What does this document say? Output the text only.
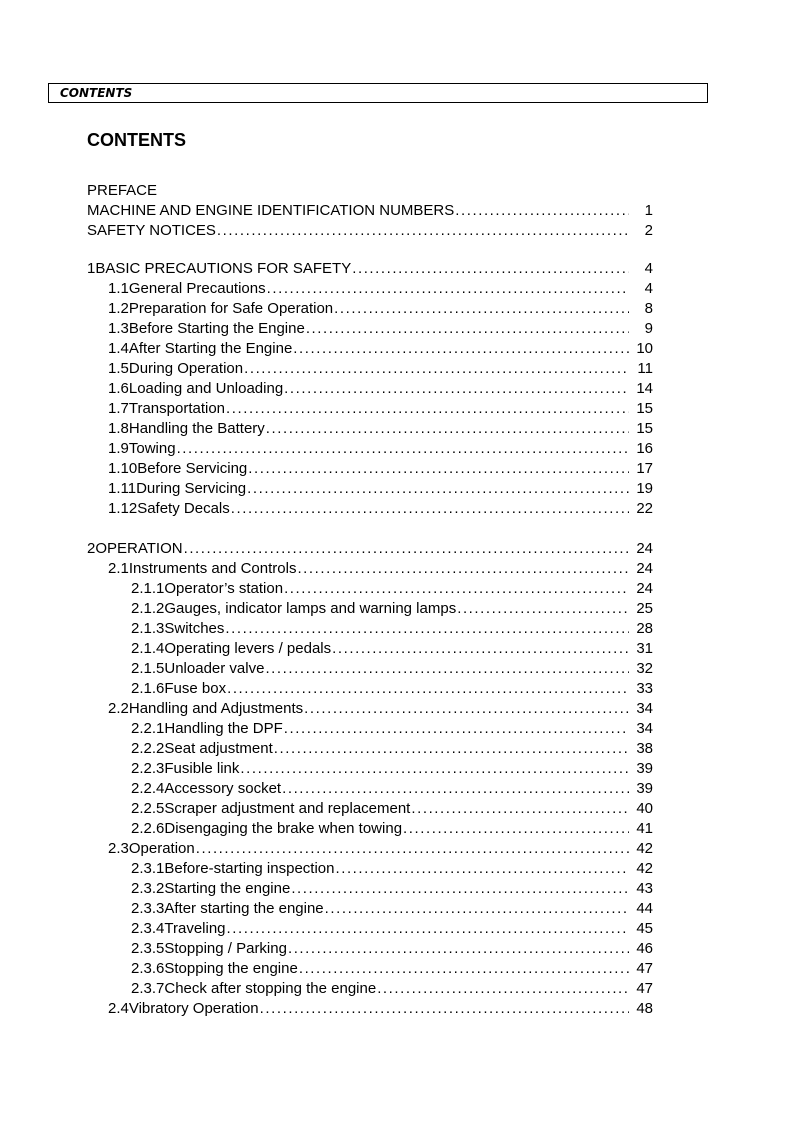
CONTENTS
CONTENTS
PREFACE
MACHINE AND ENGINE IDENTIFICATION NUMBERS . . .	1
SAFETY NOTICES . . .	2
1 BASIC PRECAUTIONS FOR SAFETY . . .	4
1.1 General Precautions . . .	4
1.2 Preparation for Safe Operation . . .	8
1.3 Before Starting the Engine . . .	9
1.4 After Starting the Engine . . .	10
1.5 During Operation . . .	11
1.6 Loading and Unloading . . .	14
1.7 Transportation . . .	15
1.8 Handling the Battery . . .	15
1.9 Towing . . .	16
1.10 Before Servicing . . .	17
1.11 During Servicing . . .	19
1.12 Safety Decals . . .	22
2 OPERATION . . .	24
2.1 Instruments and Controls . . .	24
2.1.1 Operator’s station . . .	24
2.1.2 Gauges, indicator lamps and warning lamps . . .	25
2.1.3 Switches . . .	28
2.1.4 Operating levers / pedals . . .	31
2.1.5 Unloader valve . . .	32
2.1.6 Fuse box . . .	33
2.2 Handling and Adjustments . . .	34
2.2.1 Handling the DPF . . .	34
2.2.2 Seat adjustment . . .	38
2.2.3 Fusible link . . .	39
2.2.4 Accessory socket . . .	39
2.2.5 Scraper adjustment and replacement . . .	40
2.2.6 Disengaging the brake when towing . . .	41
2.3 Operation . . .	42
2.3.1 Before-starting inspection . . .	42
2.3.2 Starting the engine . . .	43
2.3.3 After starting the engine . . .	44
2.3.4 Traveling . . .	45
2.3.5 Stopping / Parking . . .	46
2.3.6 Stopping the engine . . .	47
2.3.7 Check after stopping the engine . . .	47
2.4 Vibratory Operation . . .	48
